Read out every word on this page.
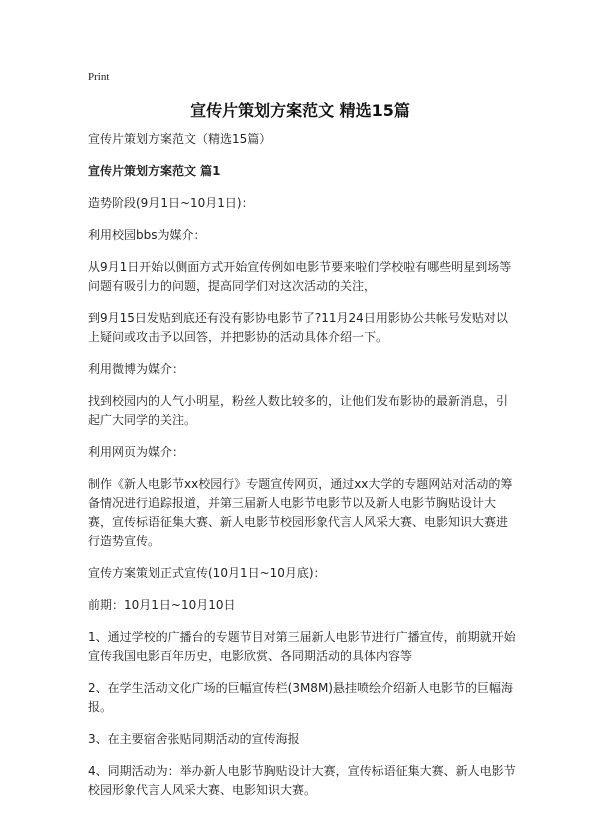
Print
宣传片策划方案范文 精选15篇

宣传片策划方案范文（精选15篇）

宣传片策划方案范文 篇1

造势阶段(9月1日~10月1日)：

利用校园bbs为媒介：

从9月1日开始以侧面方式开始宣传例如电影节要来啦们学校啦有哪些明星到场等问题有吸引力的问题，提高同学们对这次活动的关注，

到9月15日发贴到底还有没有影协电影节了?11月24日用影协公共帐号发贴对以上疑问或攻击予以回答，并把影协的活动具体介绍一下。

利用微博为媒介：

找到校园内的人气小明星，粉丝人数比较多的，让他们发布影协的最新消息，引起广大同学的关注。

利用网页为媒介：

制作《新人电影节xx校园行》专题宣传网页，通过xx大学的专题网站对活动的筹备情况进行追踪报道，并第三届新人电影节电影节以及新人电影节胸贴设计大赛，宣传标语征集大赛、新人电影节校园形象代言人风采大赛、电影知识大赛进行造势宣传。

宣传方案策划正式宣传(10月1日~10月底)：

前期：10月1日~10月10日

1、通过学校的广播台的专题节目对第三届新人电影节进行广播宣传，前期就开始宣传我国电影百年历史，电影欣赏、各同期活动的具体内容等

2、在学生活动文化广场的巨幅宣传栏(3M8M)悬挂喷绘介绍新人电影节的巨幅海报。

3、在主要宿舍张贴同期活动的宣传海报

4、同期活动为：举办新人电影节胸贴设计大赛，宣传标语征集大赛、新人电影节校园形象代言人风采大赛、电影知识大赛。
